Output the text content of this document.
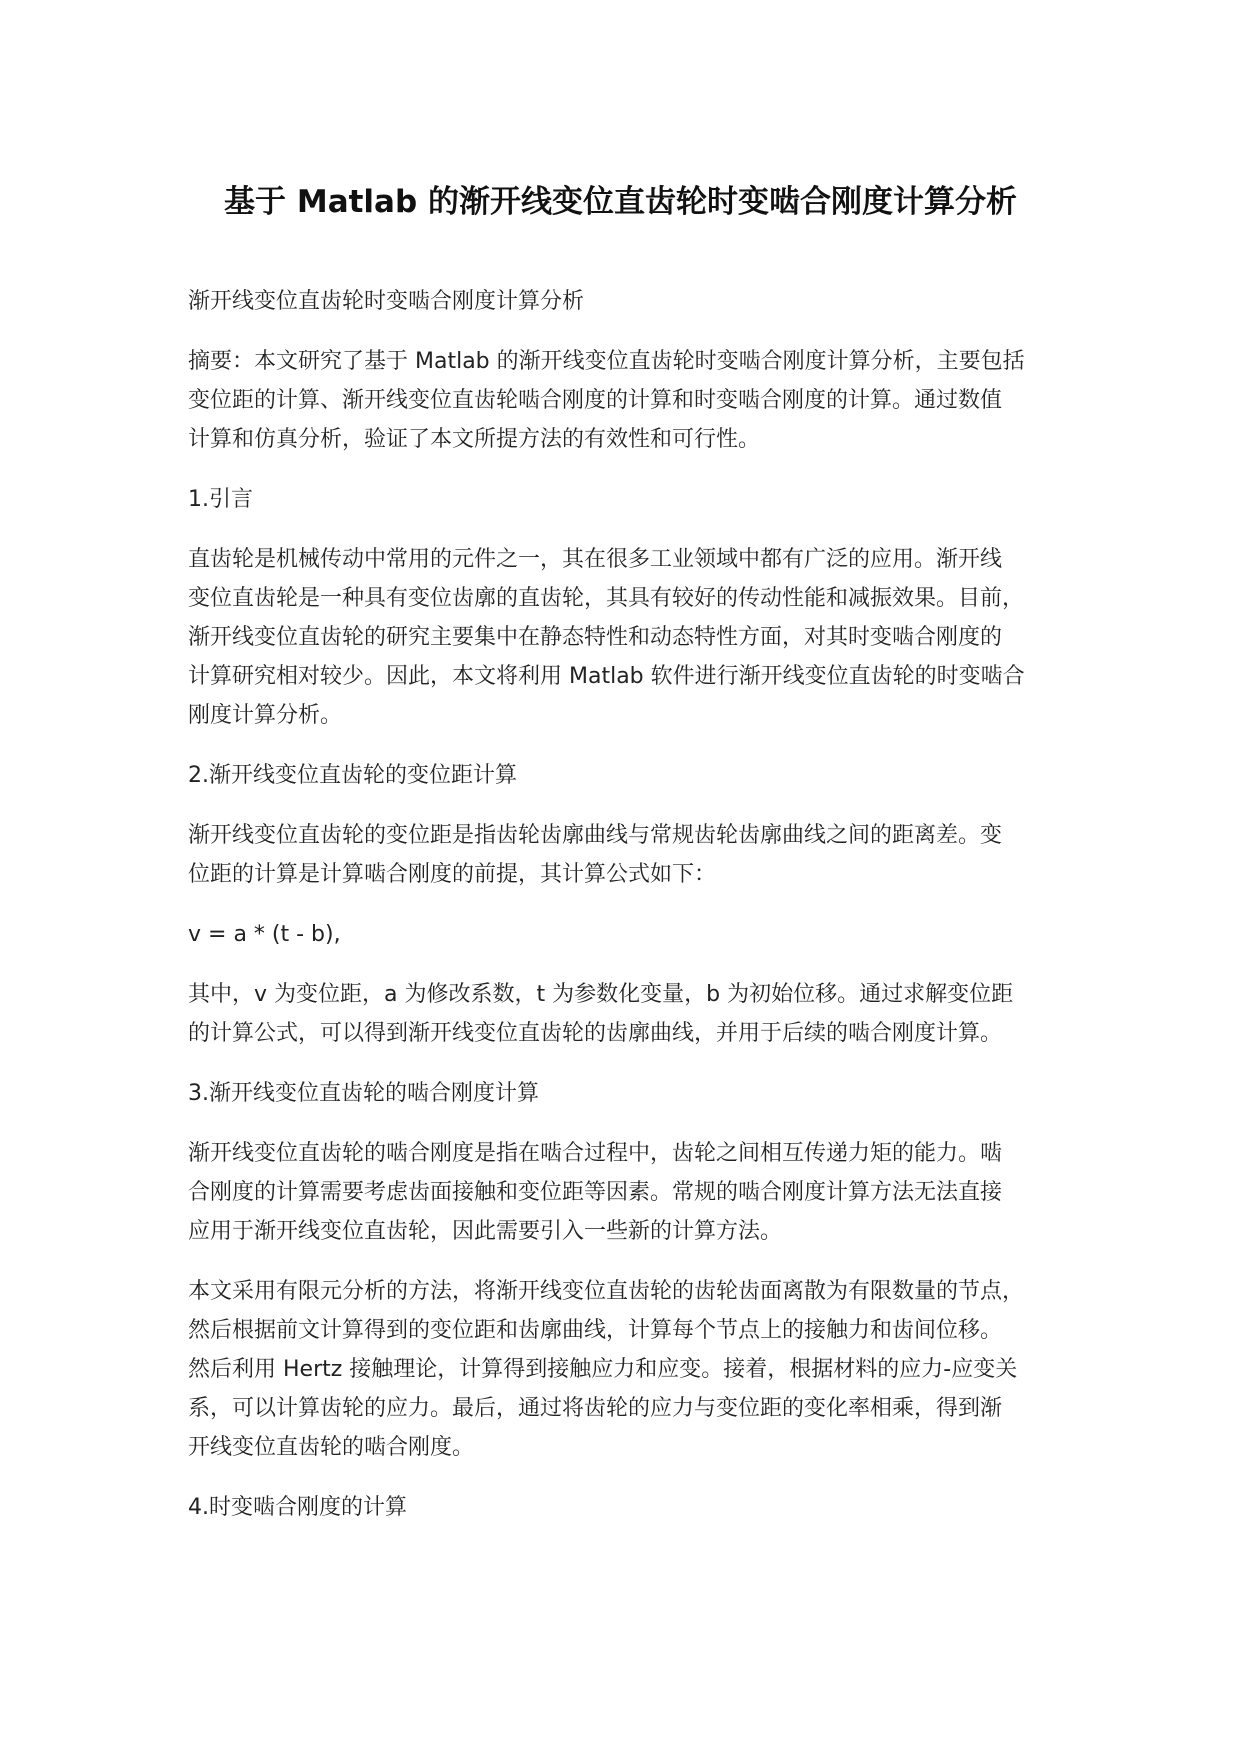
基于 Matlab 的渐开线变位直齿轮时变啮合刚度计算分析

渐开线变位直齿轮时变啮合刚度计算分析

摘要：本文研究了基于 Matlab 的渐开线变位直齿轮时变啮合刚度计算分析，主要包括
变位距的计算、渐开线变位直齿轮啮合刚度的计算和时变啮合刚度的计算。通过数值
计算和仿真分析，验证了本文所提方法的有效性和可行性。

1.引言

直齿轮是机械传动中常用的元件之一，其在很多工业领域中都有广泛的应用。渐开线
变位直齿轮是一种具有变位齿廓的直齿轮，其具有较好的传动性能和减振效果。目前，
渐开线变位直齿轮的研究主要集中在静态特性和动态特性方面，对其时变啮合刚度的
计算研究相对较少。因此，本文将利用 Matlab 软件进行渐开线变位直齿轮的时变啮合
刚度计算分析。

2.渐开线变位直齿轮的变位距计算

渐开线变位直齿轮的变位距是指齿轮齿廓曲线与常规齿轮齿廓曲线之间的距离差。变
位距的计算是计算啮合刚度的前提，其计算公式如下：

v = a * (t - b),

其中，v 为变位距，a 为修改系数，t 为参数化变量，b 为初始位移。通过求解变位距
的计算公式，可以得到渐开线变位直齿轮的齿廓曲线，并用于后续的啮合刚度计算。

3.渐开线变位直齿轮的啮合刚度计算

渐开线变位直齿轮的啮合刚度是指在啮合过程中，齿轮之间相互传递力矩的能力。啮
合刚度的计算需要考虑齿面接触和变位距等因素。常规的啮合刚度计算方法无法直接
应用于渐开线变位直齿轮，因此需要引入一些新的计算方法。

本文采用有限元分析的方法，将渐开线变位直齿轮的齿轮齿面离散为有限数量的节点，
然后根据前文计算得到的变位距和齿廓曲线，计算每个节点上的接触力和齿间位移。
然后利用 Hertz 接触理论，计算得到接触应力和应变。接着，根据材料的应力-应变关
系，可以计算齿轮的应力。最后，通过将齿轮的应力与变位距的变化率相乘，得到渐
开线变位直齿轮的啮合刚度。

4.时变啮合刚度的计算
